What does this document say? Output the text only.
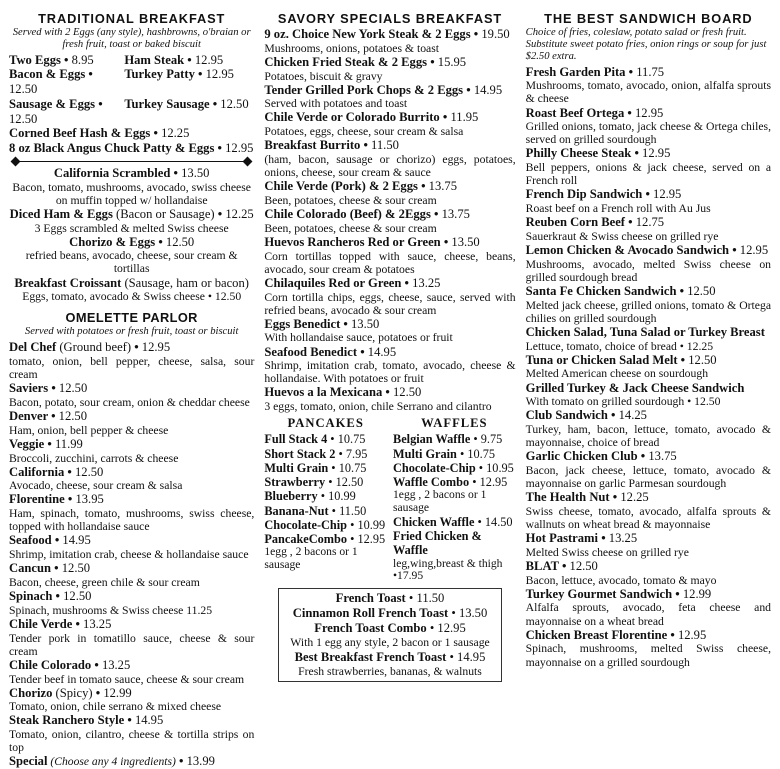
TRADITIONAL BREAKFAST
Served with 2 Eggs (any style), hashbrowns, o'braian or fresh fruit, toast or baked biscuit
Two Eggs • 8.95	Ham Steak • 12.95
Bacon & Eggs • 12.50
Turkey Patty • 12.95
Sausage & Eggs • 12.50
Turkey Sausage • 12.50
Corned Beef Hash & Eggs • 12.25
8 oz Black Angus Chuck Patty & Eggs • 12.95
California Scrambled • 13.50
Bacon, tomato, mushrooms, avocado, swiss cheese on muffin topped w/ hollandaise
Diced Ham & Eggs (Bacon or Sausage) • 12.25
3 Eggs scrambled & melted Swiss cheese
Chorizo & Eggs • 12.50
refried beans, avocado, cheese, sour cream & tortillas
Breakfast Croissant (Sausage, ham or bacon)
Eggs, tomato, avocado & Swiss cheese • 12.50
OMELETTE PARLOR
Served with potatoes or fresh fruit, toast or biscuit
Del Chef (Ground beef) • 12.95
tomato, onion, bell pepper, cheese, salsa, sour cream
Saviers • 12.50
Bacon, potato, sour cream, onion & cheddar cheese
Denver • 12.50
Ham, onion, bell pepper & cheese
Veggie • 11.99
Broccoli, zucchini, carrots & cheese
California • 12.50
Avocado, cheese, sour cream & salsa
Florentine • 13.95
Ham, spinach, tomato, mushrooms, swiss cheese, topped with hollandaise sauce
Seafood • 14.95
Shrimp, imitation crab, cheese & hollandaise sauce
Cancun • 12.50
Bacon, cheese, green chile & sour cream
Spinach • 12.50
Spinach, mushrooms & Swiss cheese 11.25
Chile Verde • 13.25
Tender pork in tomatillo sauce, cheese & sour cream
Chile Colorado • 13.25
Tender beef in tomato sauce, cheese & sour cream
Chorizo (Spicy) • 12.99
Tomato, onion, chile serrano & mixed cheese
Steak Ranchero Style • 14.95
Tomato, onion, cilantro, cheese & tortilla strips on top
Special (Choose any 4 ingredients) • 13.99
SAVORY SPECIALS BREAKFAST
9 oz. Choice New York Steak & 2 Eggs • 19.50
Mushrooms, onions, potatoes & toast
Chicken Fried Steak & 2 Eggs • 15.95
Potatoes, biscuit & gravy
Tender Grilled Pork Chops & 2 Eggs • 14.95
Served with potatoes and toast
Chile Verde or Colorado Burrito • 11.95
Potatoes, eggs, cheese, sour cream & salsa
Breakfast Burrito • 11.50
(ham, bacon, sausage or chorizo) eggs, potatoes, onions, cheese, sour cream & sauce
Chile Verde (Pork) & 2 Eggs • 13.75
Been, potatoes, cheese & sour cream
Chile Colorado (Beef) & 2Eggs • 13.75
Been, potatoes, cheese & sour cream
Huevos Rancheros Red or Green • 13.50
Corn tortillas topped with sauce, cheese, beans, avocado, sour cream & potatoes
Chilaquiles Red or Green • 13.25
Corn tortilla chips, eggs, cheese, sauce, served with refried beans, avocado & sour cream
Eggs Benedict • 13.50
With hollandaise sauce, potatoes or fruit
Seafood Benedict • 14.95
Shrimp, imitation crab, tomato, avocado, cheese & hollandaise. With potatoes or fruit
Huevos a la Mexicana • 12.50
3 eggs, tomato, onion, chile Serrano and cilantro
PANCAKES
Full Stack 4 • 10.75
Short Stack 2 • 7.95
Multi Grain • 10.75
Strawberry • 12.50
Blueberry • 10.99
Banana-Nut • 11.50
Chocolate-Chip • 10.99
PancakeCombo • 12.95
1egg , 2 bacons or 1 sausage
WAFFLES
Belgian Waffle • 9.75
Multi Grain • 10.75
Chocolate-Chip • 10.95
Waffle Combo • 12.95
1egg , 2 bacons or 1 sausage
Chicken Waffle • 14.50
Fried Chicken & Waffle
leg,wing,breast & thigh •17.95
French Toast • 11.50
Cinnamon Roll French Toast • 13.50
French Toast Combo • 12.95
With 1 egg any style, 2 bacon or 1 sausage
Best Breakfast French Toast • 14.95
Fresh strawberries, bananas, & walnuts
THE BEST SANDWICH BOARD
Choice of fries, coleslaw, potato salad or fresh fruit. Substitute sweet potato fries, onion rings or soup for just $2.50 extra.
Fresh Garden Pita • 11.75
Mushrooms, tomato, avocado, onion, alfalfa sprouts & cheese
Roast Beef Ortega • 12.95
Grilled onions, tomato, jack cheese & Ortega chiles, served on grilled sourdough
Philly Cheese Steak • 12.95
Bell peppers, onions & jack cheese, served on a French roll
French Dip Sandwich • 12.95
Roast beef on a French roll with Au Jus
Reuben Corn Beef • 12.75
Sauerkraut & Swiss cheese on grilled rye
Lemon Chicken & Avocado Sandwich • 12.95
Mushrooms, avocado, melted Swiss cheese on grilled sourdough bread
Santa Fe Chicken Sandwich • 12.50
Melted jack cheese, grilled onions, tomato & Ortega chilies on grilled sourdough
Chicken Salad, Tuna Salad or Turkey Breast
Lettuce, tomato, choice of bread • 12.25
Tuna or Chicken Salad Melt • 12.50
Melted American cheese on sourdough
Grilled Turkey & Jack Cheese Sandwich
With tomato on grilled sourdough • 12.50
Club Sandwich • 14.25
Turkey, ham, bacon, lettuce, tomato, avocado & mayonnaise, choice of bread
Garlic Chicken Club • 13.75
Bacon, jack cheese, lettuce, tomato, avocado & mayonnaise on garlic Parmesan sourdough
The Health Nut • 12.25
Swiss cheese, tomato, avocado, alfalfa sprouts & wallnuts on wheat bread & mayonnaise
Hot Pastrami • 13.25
Melted Swiss cheese on grilled rye
BLAT • 12.50
Bacon, lettuce, avocado, tomato & mayo
Turkey Gourmet Sandwich • 12.99
Alfalfa sprouts, avocado, feta cheese and mayonnaise on a wheat bread
Chicken Breast Florentine • 12.95
Spinach, mushrooms, melted Swiss cheese, mayonnaise on a grilled sourdough
